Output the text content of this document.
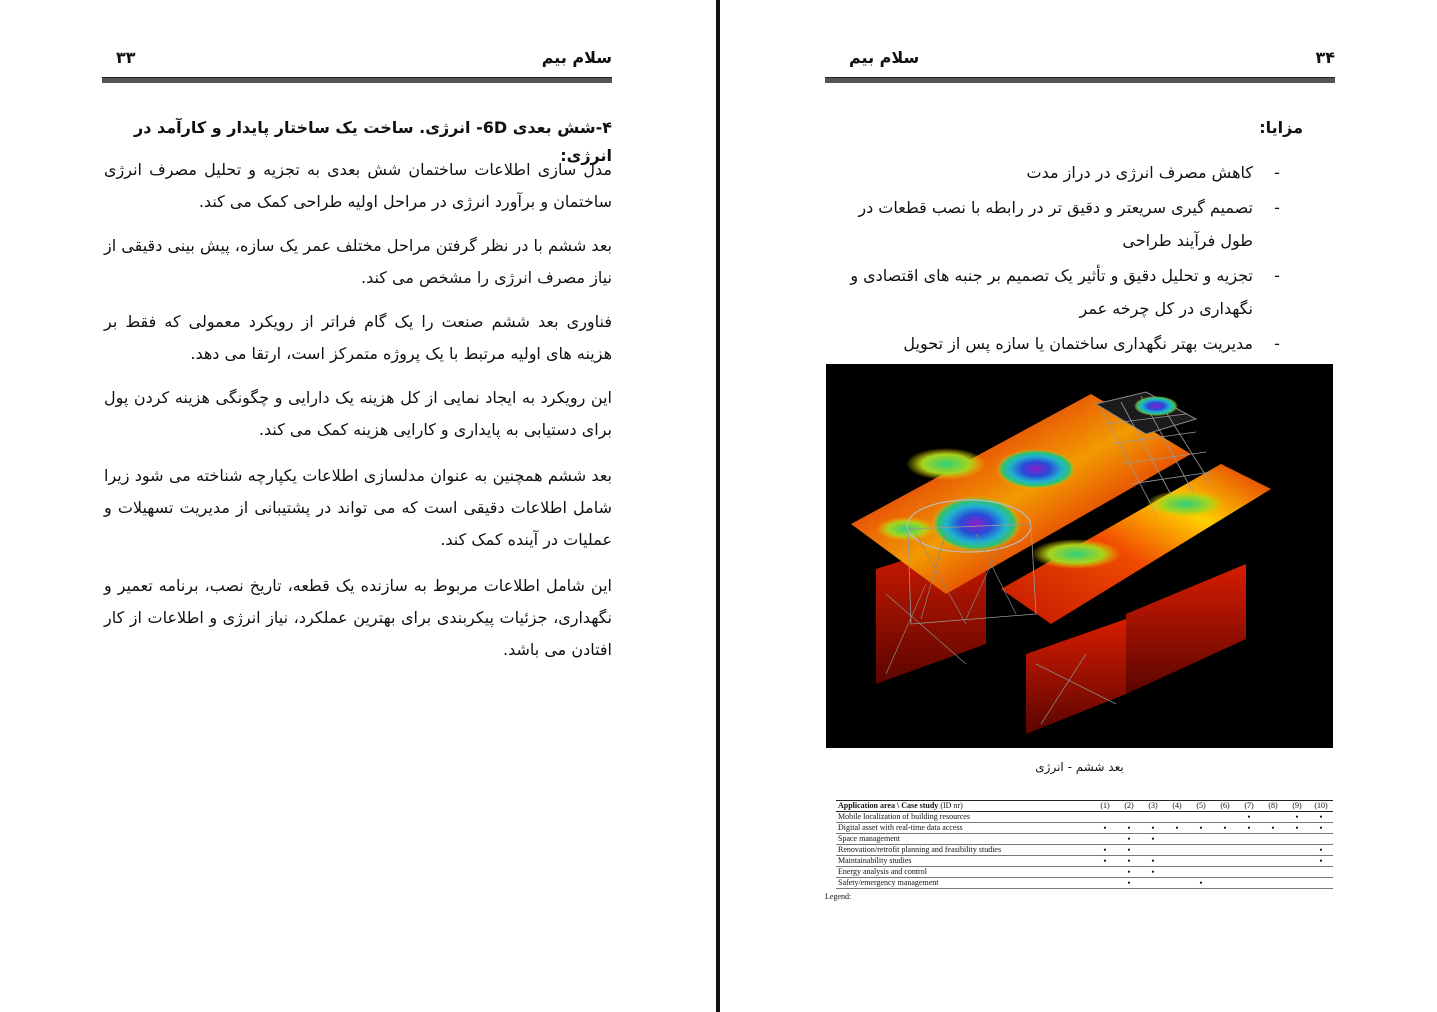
۳۳	سلام بیم
۴-شش بعدی 6D- انرژی. ساخت یک ساختار پایدار و کارآمد در انرژی:

مدل سازی اطلاعات ساختمان شش بعدی به تجزیه و تحلیل مصرف انرژی ساختمان و برآورد انرژی در مراحل اولیه طراحی کمک می کند.

بعد ششم با در نظر گرفتن مراحل مختلف عمر یک سازه، پیش بینی دقیقی از نیاز مصرف انرژی را مشخص می کند.

فناوری بعد ششم صنعت را یک گام فراتر از رویکرد معمولی که فقط بر هزینه های اولیه مرتبط با یک پروژه متمرکز است، ارتقا می دهد.

این رویکرد به ایجاد نمایی از کل هزینه یک دارایی و چگونگی هزینه کردن پول برای دستیابی به پایداری و کارایی هزینه کمک می کند.

بعد ششم همچنین به عنوان مدلسازی اطلاعات یکپارچه شناخته می شود زیرا شامل اطلاعات دقیقی است که می تواند در پشتیبانی از مدیریت تسهیلات و عملیات در آینده کمک کند.

این شامل اطلاعات مربوط به سازنده یک قطعه، تاریخ نصب، برنامه تعمیر و نگهداری، جزئیات پیکربندی برای بهترین عملکرد، نیاز انرژی و اطلاعات از کار افتادن می باشد.

سلام بیم	۳۴
مزایا:
-
کاهش مصرف انرژی در دراز مدت
-
تصمیم گیری سریعتر و دقیق تر در رابطه با نصب قطعات در طول فرآیند طراحی
-
تجزیه و تحلیل دقیق و تأثیر یک تصمیم بر جنبه های اقتصادی و نگهداری در کل چرخه عمر
-
مدیریت بهتر نگهداری ساختمان یا سازه پس از تحویل
بعد ششم - انرژی
Application area \ Case study (ID nr)	(1)	(2)	(3)	(4)	(5)	(6)	(7)	(8)	(9)	(10)
Mobile localization of building resources							•		•	•
Digital asset with real-time data access	•	•	•	•	•	•	•	•	•	•
Space management		•	•							
Renovation/retrofit planning and feasibility studies	•	•								•
Maintainability studies	•	•	•							•
Energy analysis and control		•	•							
Safety/emergency management		•			•					
Legend:
